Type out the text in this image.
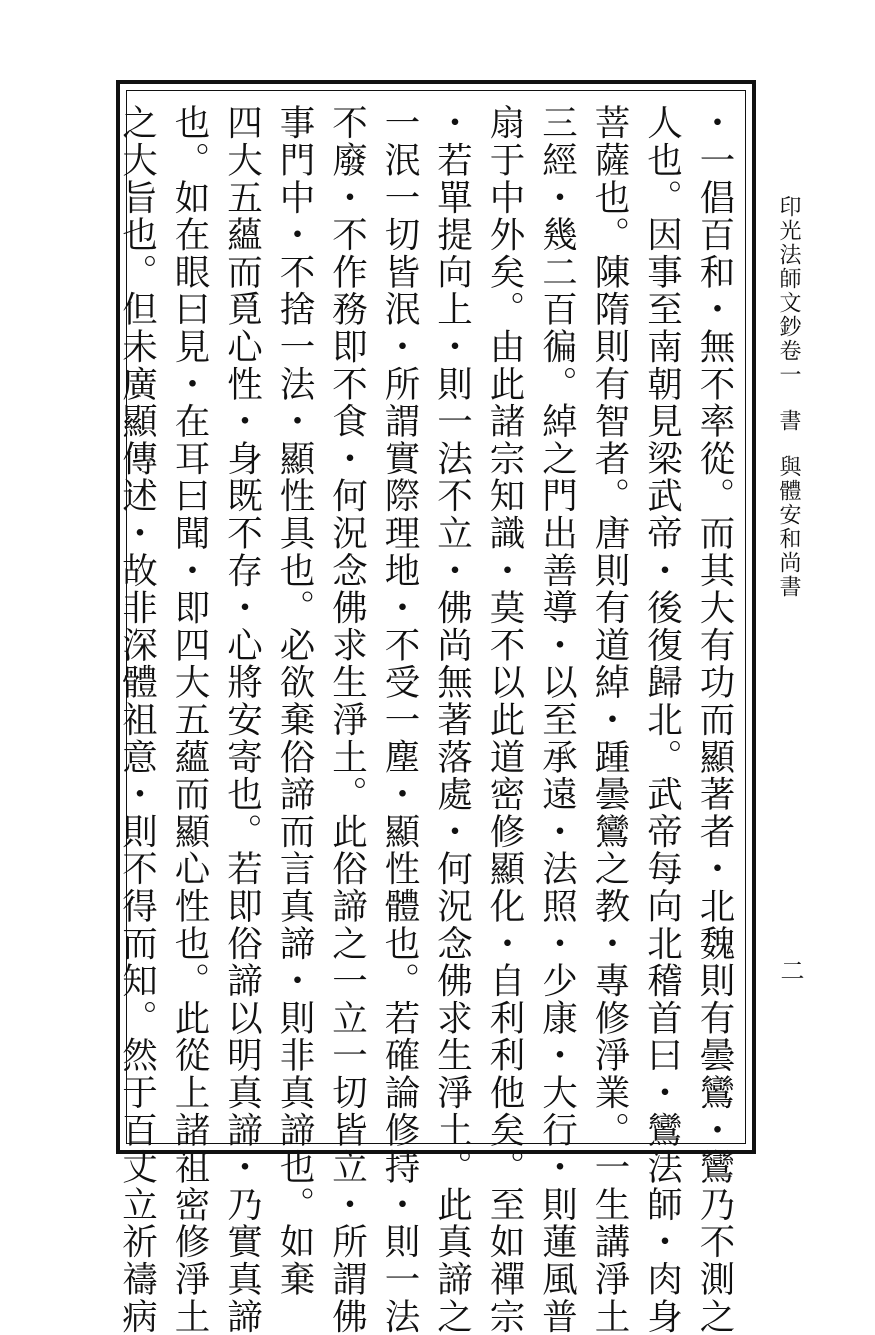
印光法師文鈔卷一書與體安和尚書
二
・一倡百和・無不率從。而其大有功而顯著者・北魏則有曇鸞・鸞乃不測之
人也。因事至南朝見梁武帝・後復歸北。武帝每向北稽首曰・鸞法師・肉身
菩薩也。陳隋則有智者。唐則有道綽・踵曇鸞之教・專修淨業。一生講淨土
三經・幾二百徧。綽之門出善導・以至承遠・法照・少康・大行・則蓮風普
扇于中外矣。由此諸宗知識・莫不以此道密修顯化・自利利他矣。至如禪宗
・若單提向上・則一法不立・佛尚無著落處・何況念佛求生淨土。此真諦之
一泯一切皆泯・所謂實際理地・不受一塵・顯性體也。若確論修持・則一法
不廢・不作務即不食・何況念佛求生淨土。此俗諦之一立一切皆立・所謂佛
事門中・不捨一法・顯性具也。必欲棄俗諦而言真諦・則非真諦也。如棄
四大五蘊而覓心性・身既不存・心將安寄也。若即俗諦以明真諦・乃實真諦
也。如在眼曰見・在耳曰聞・即四大五蘊而顯心性也。此從上諸祖密修淨土
之大旨也。但未廣顯傳述・故非深體祖意・則不得而知。然于百丈立祈禱病
